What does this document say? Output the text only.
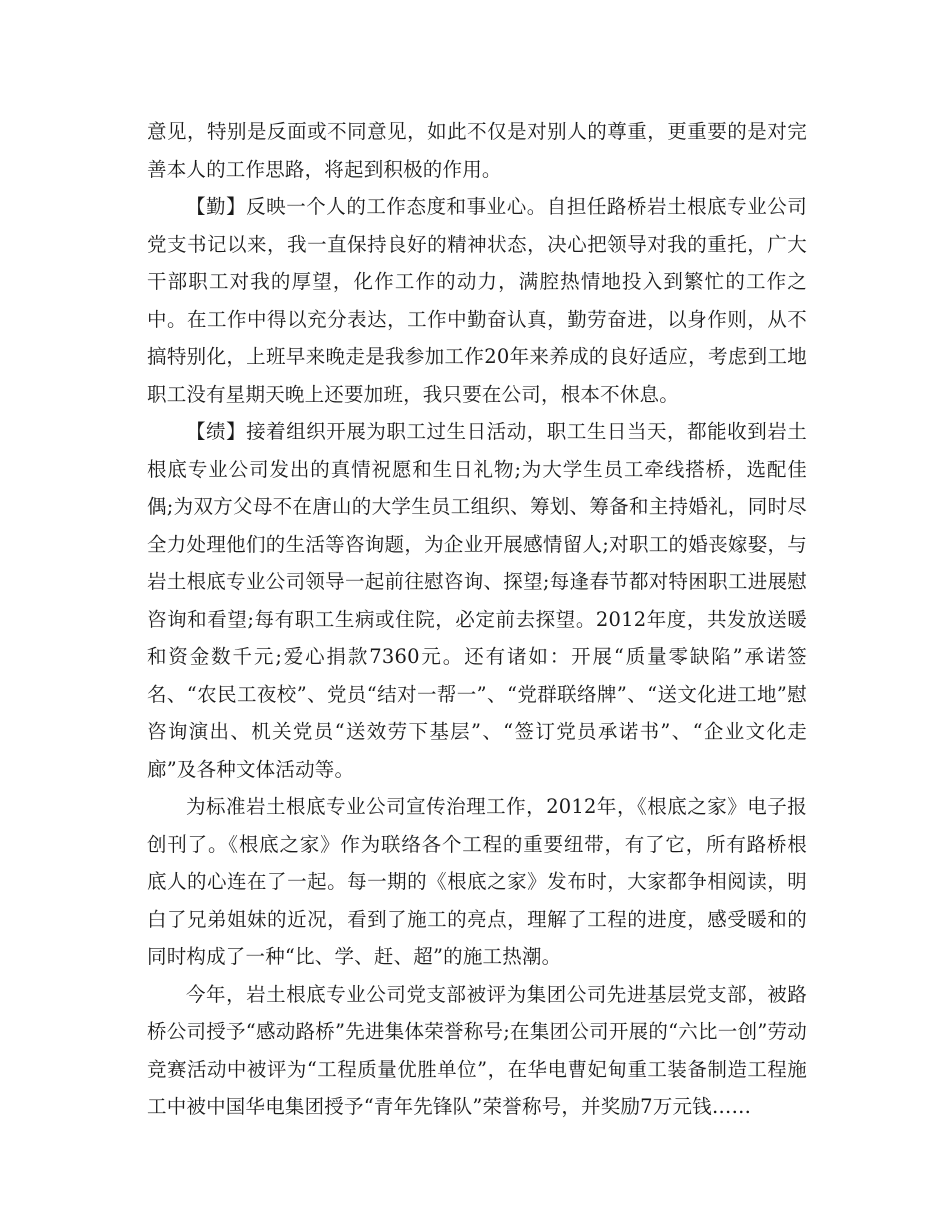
意见，特别是反面或不同意见，如此不仅是对别人的尊重，更重要的是对完善本人的工作思路，将起到积极的作用。

【勤】反映一个人的工作态度和事业心。自担任路桥岩土根底专业公司党支书记以来，我一直保持良好的精神状态，决心把领导对我的重托，广大干部职工对我的厚望，化作工作的动力，满腔热情地投入到繁忙的工作之中。在工作中得以充分表达，工作中勤奋认真，勤劳奋进，以身作则，从不搞特别化，上班早来晚走是我参加工作20年来养成的良好适应，考虑到工地职工没有星期天晚上还要加班，我只要在公司，根本不休息。

【绩】接着组织开展为职工过生日活动，职工生日当天，都能收到岩土根底专业公司发出的真情祝愿和生日礼物;为大学生员工牵线搭桥，选配佳偶;为双方父母不在唐山的大学生员工组织、筹划、筹备和主持婚礼，同时尽全力处理他们的生活等咨询题，为企业开展感情留人;对职工的婚丧嫁娶，与岩土根底专业公司领导一起前往慰咨询、探望;每逢春节都对特困职工进展慰咨询和看望;每有职工生病或住院，必定前去探望。2012年度，共发放送暖和资金数千元;爱心捐款7360元。还有诸如：开展“质量零缺陷”承诺签名、“农民工夜校”、党员“结对一帮一”、“党群联络牌”、“送文化进工地”慰咨询演出、机关党员“送效劳下基层”、“签订党员承诺书”、“企业文化走廊”及各种文体活动等。

为标准岩土根底专业公司宣传治理工作，2012年，《根底之家》电子报创刊了。《根底之家》作为联络各个工程的重要纽带，有了它，所有路桥根底人的心连在了一起。每一期的《根底之家》发布时，大家都争相阅读，明白了兄弟姐妹的近况，看到了施工的亮点，理解了工程的进度，感受暖和的同时构成了一种“比、学、赶、超”的施工热潮。

今年，岩土根底专业公司党支部被评为集团公司先进基层党支部，被路桥公司授予“感动路桥”先进集体荣誉称号;在集团公司开展的“六比一创”劳动竞赛活动中被评为“工程质量优胜单位”，在华电曹妃甸重工装备制造工程施工中被中国华电集团授予“青年先锋队”荣誉称号，并奖励7万元钱……
